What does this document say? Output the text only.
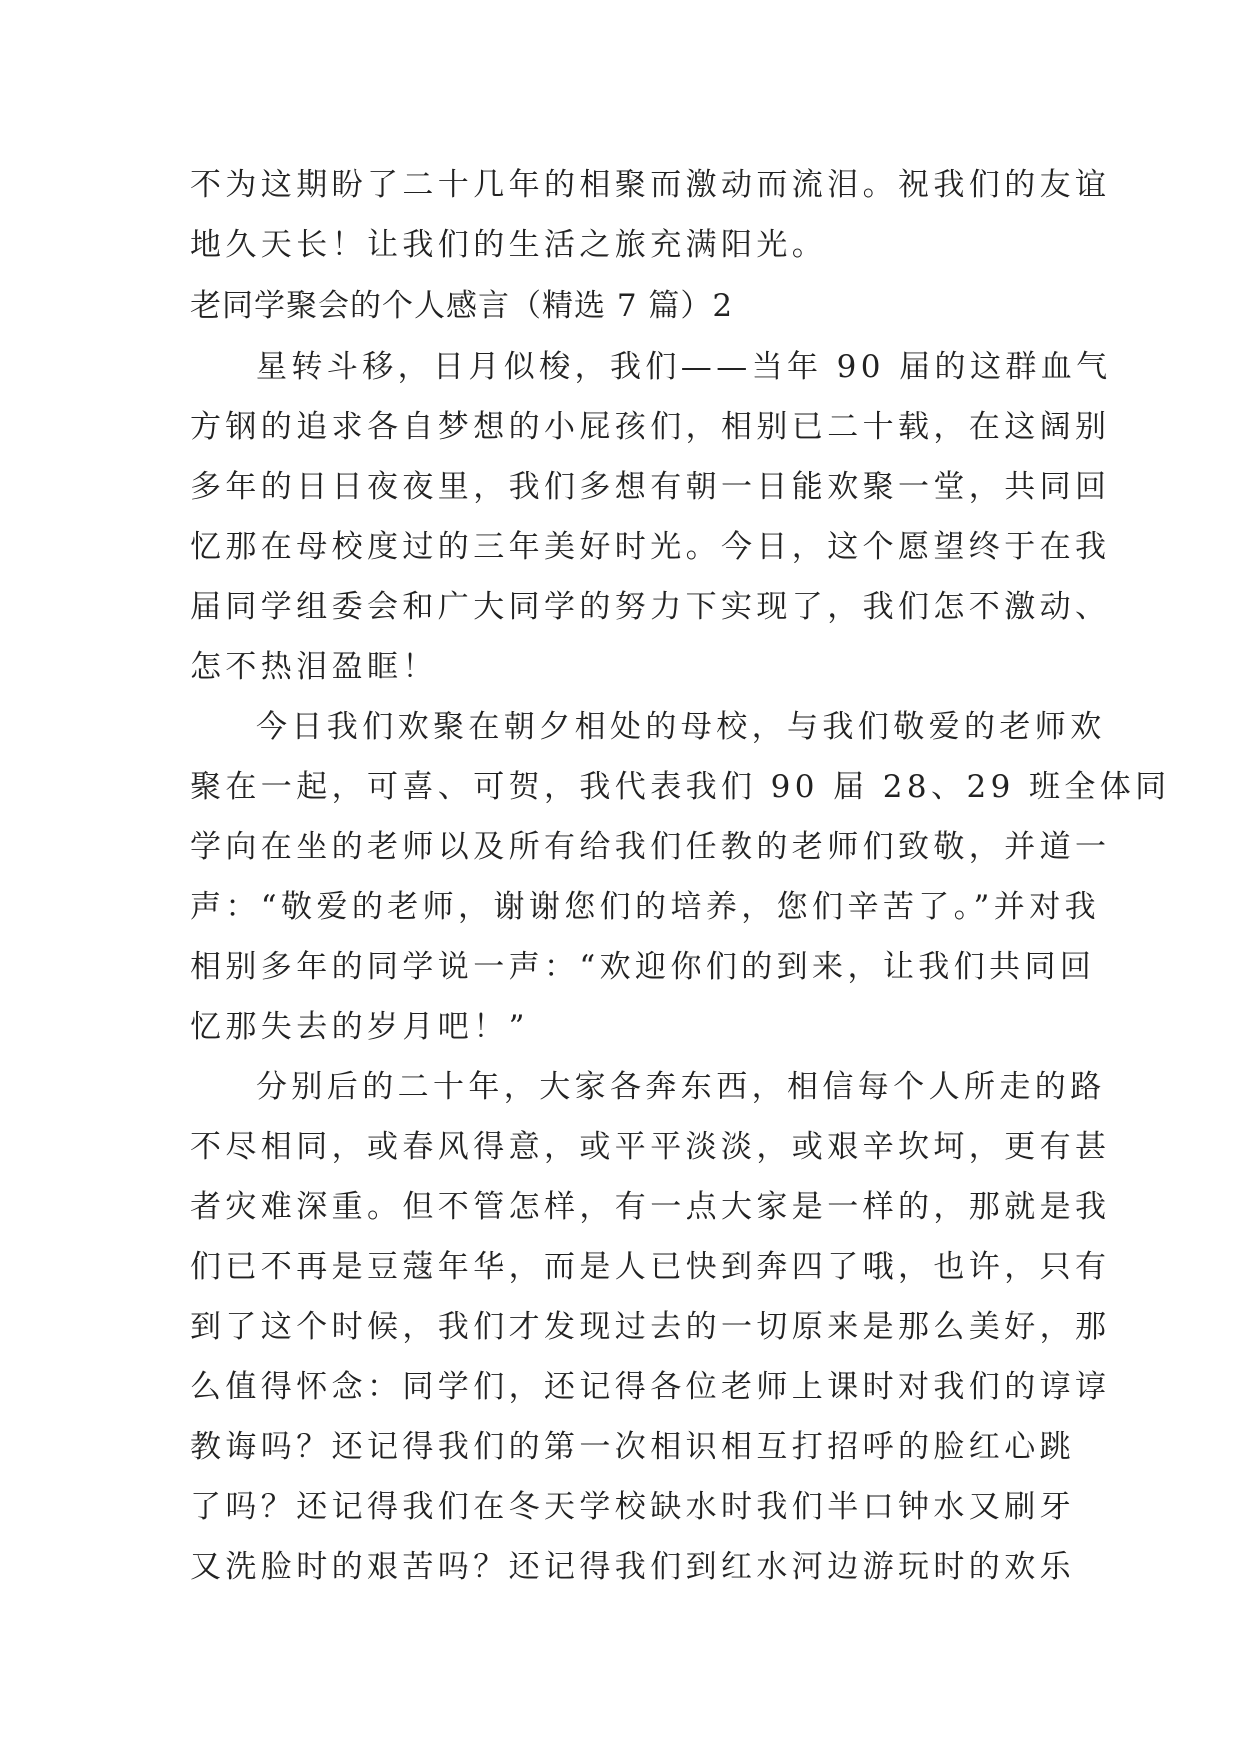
不为这期盼了二十几年的相聚而激动而流泪。祝我们的友谊
地久天长！让我们的生活之旅充满阳光。
老同学聚会的个人感言（精选 7 篇）2
星转斗移，日月似梭，我们——当年 90 届的这群血气
方钢的追求各自梦想的小屁孩们，相别已二十载，在这阔别
多年的日日夜夜里，我们多想有朝一日能欢聚一堂，共同回
忆那在母校度过的三年美好时光。今日，这个愿望终于在我
届同学组委会和广大同学的努力下实现了，我们怎不激动、
怎不热泪盈眶！
今日我们欢聚在朝夕相处的母校，与我们敬爱的老师欢
聚在一起，可喜、可贺，我代表我们 90 届 28、29 班全体同
学向在坐的老师以及所有给我们任教的老师们致敬，并道一
声：“敬爱的老师，谢谢您们的培养，您们辛苦了。”并对我
相别多年的同学说一声：“欢迎你们的到来，让我们共同回
忆那失去的岁月吧！”
分别后的二十年，大家各奔东西，相信每个人所走的路
不尽相同，或春风得意，或平平淡淡，或艰辛坎坷，更有甚
者灾难深重。但不管怎样，有一点大家是一样的，那就是我
们已不再是豆蔻年华，而是人已快到奔四了哦，也许，只有
到了这个时候，我们才发现过去的一切原来是那么美好，那
么值得怀念：同学们，还记得各位老师上课时对我们的谆谆
教诲吗？还记得我们的第一次相识相互打招呼的脸红心跳
了吗？还记得我们在冬天学校缺水时我们半口钟水又刷牙
又洗脸时的艰苦吗？还记得我们到红水河边游玩时的欢乐
